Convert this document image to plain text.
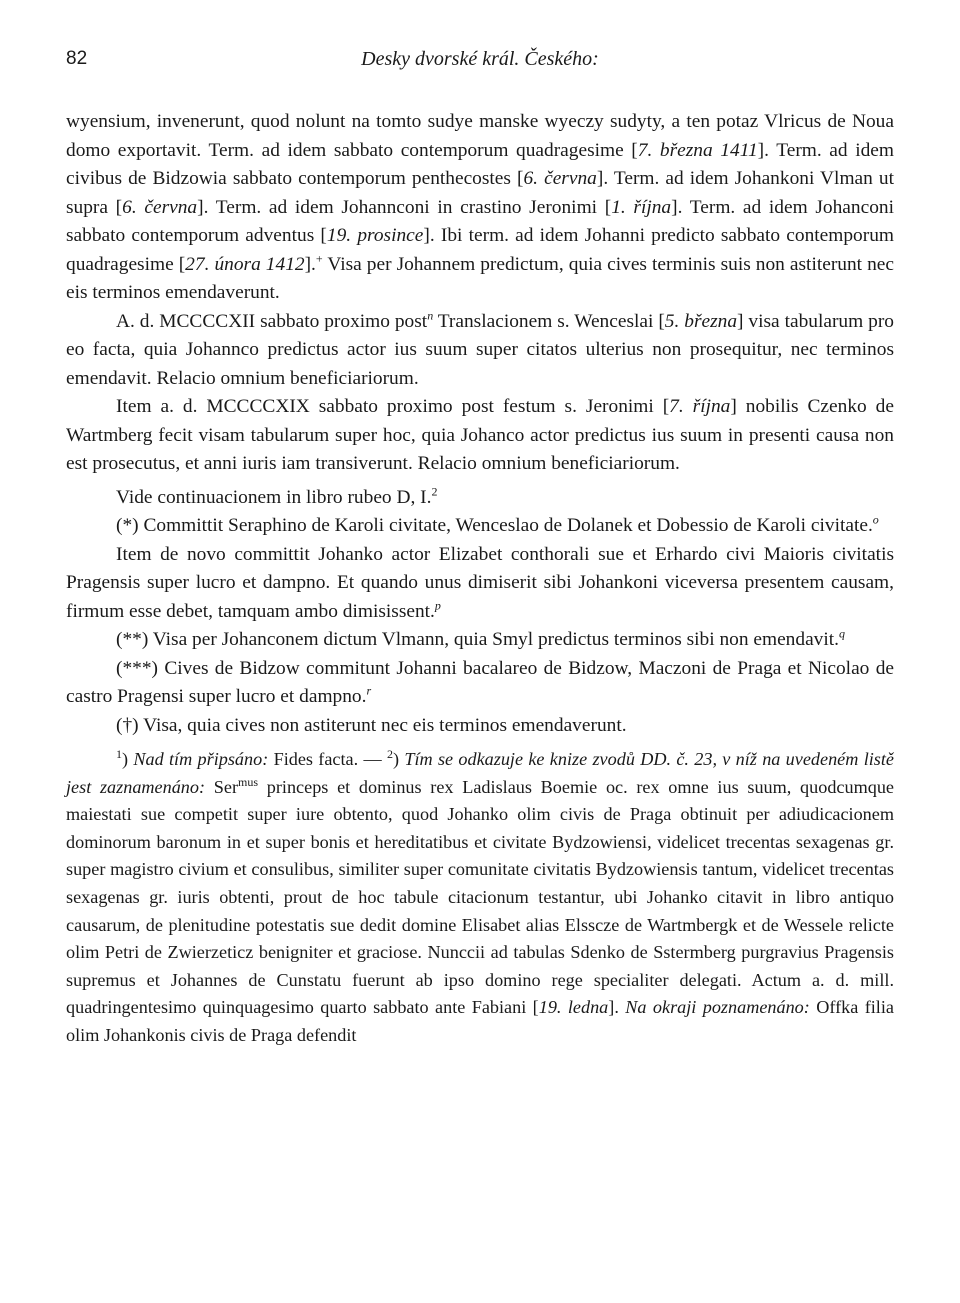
82	Desky dvorské král. Českého:

wyensium, invenerunt, quod nolunt na tomto sudye manske wyeczy sudyty, a ten potaz Vlricus de Noua domo exportavit. Term. ad idem sabbato contemporum quadragesime [7. března 1411]. Term. ad idem civibus de Bidzowia sabbato contemporum penthecostes [6. června]. Term. ad idem Johankoni Vlman ut supra [6. června]. Term. ad idem Johannconi in crastino Jeronimi [1. října]. Term. ad idem Johanconi sabbato contemporum adventus [19. prosince]. Ibi term. ad idem Johanni predicto sabbato contemporum quadragesime [27. února 1412].+ Visa per Johannem predictum, quia cives terminis suis non astiterunt nec eis terminos emendaverunt.

A. d. MCCCCXII sabbato proximo post$^n$ Translacionem s. Wenceslai [5. března] visa tabularum pro eo facta, quia Johannco predictus actor ius suum super citatos ulterius non prosequitur, nec terminos emendavit. Relacio omnium beneficiariorum.

Item a. d. MCCCCXIX sabbato proximo post festum s. Jeronimi [7. října] nobilis Czenko de Wartmberg fecit visam tabularum super hoc, quia Johanco actor predictus ius suum in presenti causa non est prosecutus, et anni iuris iam transiverunt. Relacio omnium beneficiariorum.

Vide continuacionem in libro rubeo D, I.$^2$

(*) Committit Seraphino de Karoli civitate, Wenceslao de Dolanek et Dobessio de Karoli civitate.$^o$

Item de novo committit Johanko actor Elizabet conthorali sue et Erhardo civi Maioris civitatis Pragensis super lucro et dampno. Et quando unus dimiserit sibi Johankoni viceversa presentem causam, firmum esse debet, tamquam ambo dimisissent.$^p$

(**) Visa per Johanconem dictum Vlmann, quia Smyl predictus terminos sibi non emendavit.$^q$

(***) Cives de Bidzow commitunt Johanni bacalareo de Bidzow, Maczoni de Praga et Nicolao de castro Pragensi super lucro et dampno.$^r$

(†) Visa, quia cives non astiterunt nec eis terminos emendaverunt.

$^1$) Nad tím připsáno: Fides facta. — $^2$) Tím se odkazuje ke knize zvodů DD. č. 23, v níž na uvedeném listě jest zaznamenáno: Ser$^{mus}$ princeps et dominus rex Ladislaus Boemie oc. rex omne ius suum, quodcumque maiestati sue competit super iure obtento, quod Johanko olim civis de Praga obtinuit per adiudicacionem dominorum baronum in et super bonis et hereditatibus et civitate Bydzowiensi, videlicet trecentas sexagenas gr. super magistro civium et consulibus, similiter super comunitate civitatis Bydzowiensis tantum, videlicet trecentas sexagenas gr. iuris obtenti, prout de hoc tabule citacionum testantur, ubi Johanko citavit in libro antiquo causarum, de plenitudine potestatis sue dedit domine Elisabet alias Elsscze de Wartmbergk et de Wessele relicte olim Petri de Zwierzeticz benigniter et graciose. Nunccii ad tabulas Sdenko de Sstermberg purgravius Pragensis supremus et Johannes de Cunstatu fuerunt ab ipso domino rege specialiter delegati. Actum a. d. mill. quadringentesimo quinquagesimo quarto sabbato ante Fabiani [19. ledna]. Na okraji poznamenáno: Offka filia olim Johankonis civis de Praga defendit
